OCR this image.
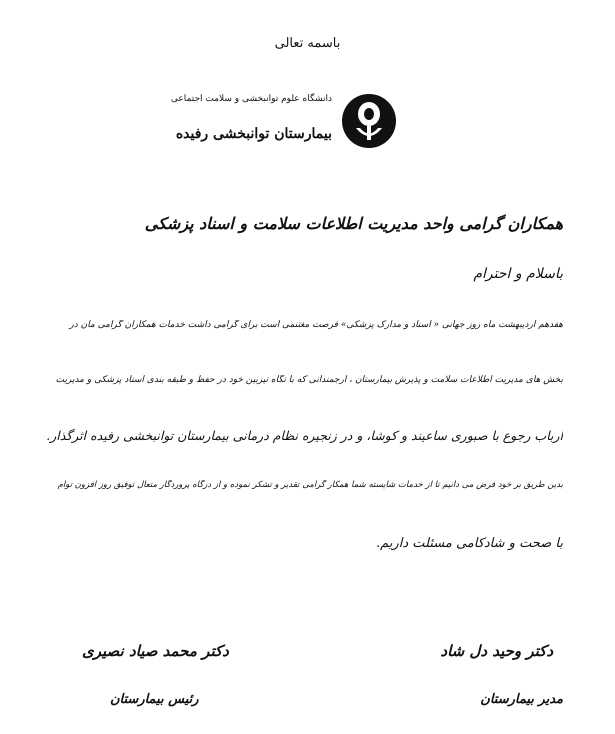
باسمه تعالی
دانشگاه علوم توانبخشی و سلامت اجتماعی
بیمارستان توانبخشی رفیده
همکاران گرامی واحد مدیریت اطلاعات سلامت و اسناد پزشکی
باسلام و احترام
هفدهم اردیبهشت ماه روز جهانی « اسناد و مدارک پزشکی» فرصت مغتنمی است برای گرامی داشت خدمات همکاران گرامی مان در
بخش های مدیریت اطلاعات سلامت و پذیرش بیمارستان ، ارجمندانی که با نگاه تیزبین خود در حفظ و طبقه بندی اسناد پزشکی و مدیریت
ارباب رجوع با صبوری ساعیند و کوشا، و در زنجیره نظام درمانی بیمارستان توانبخشی رفیده اثرگذار.
بدین طریق بر خود فرض می دانیم تا از خدمات شایسته شما همکار گرامی تقدیر و تشکر نموده و از درگاه پروردگار متعال توفیق روز افزون توام
با صحت و شادکامی مسئلت داریم.
دکتر وحید دل شاد
مدیر بیمارستان
دکتر محمد صیاد نصیری
رئیس بیمارستان
